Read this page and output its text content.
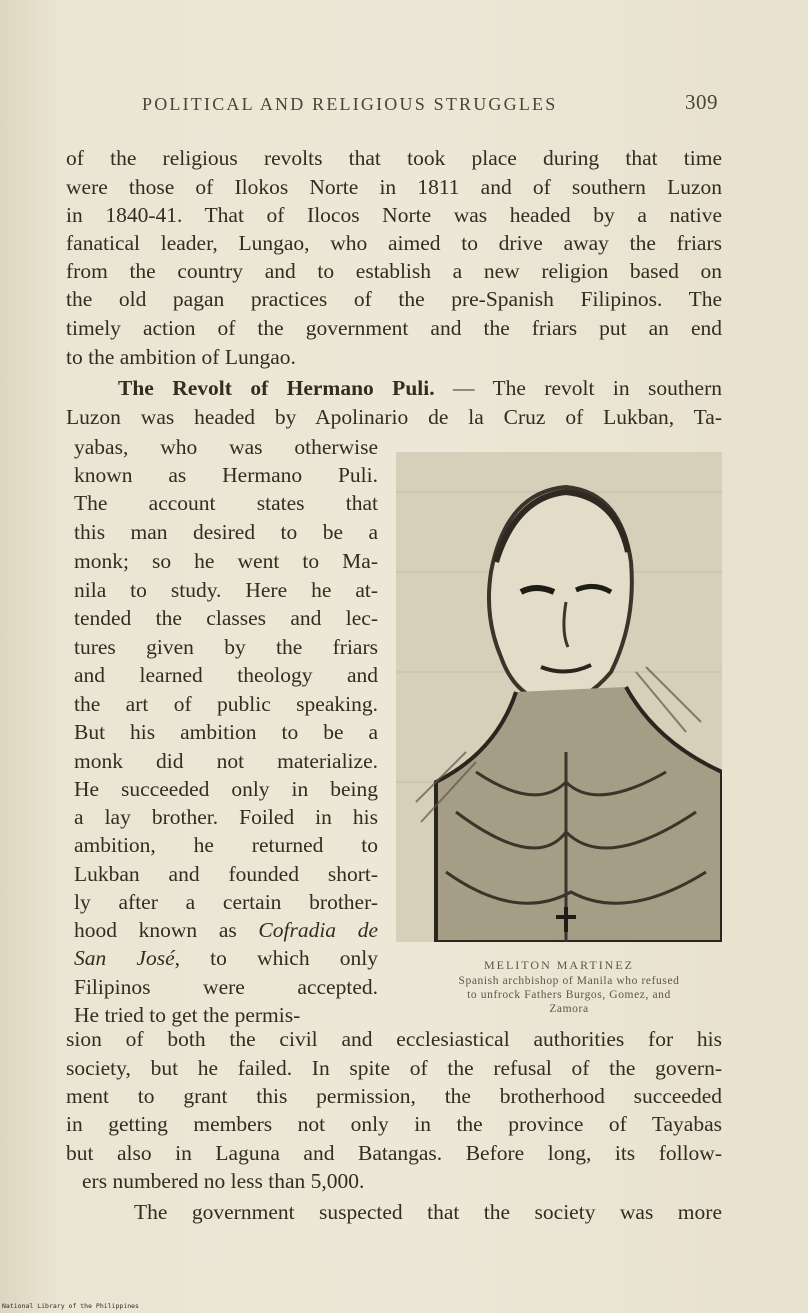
POLITICAL AND RELIGIOUS STRUGGLES	309
of the religious revolts that took place during that time
were those of Ilokos Norte in 1811 and of southern Luzon
in 1840-41. That of Ilocos Norte was headed by a native
fanatical leader, Lungao, who aimed to drive away the friars
from the country and to establish a new religion based on
the old pagan practices of the pre-Spanish Filipinos. The
timely action of the government and the friars put an end
to the ambition of Lungao.
The Revolt of Hermano Puli. — The revolt in southern
Luzon was headed by Apolinario de la Cruz of Lukban, Ta-
yabas, who was otherwise
known as Hermano Puli.
The account states that
this man desired to be a
monk; so he went to Ma-
nila to study. Here he at-
tended the classes and lec-
tures given by the friars
and learned theology and
the art of public speaking.
But his ambition to be a
monk did not materialize.
He succeeded only in being
a lay brother. Foiled in his
ambition, he returned to
Lukban and founded short-
ly after a certain brother-
hood known as Cofradia de
San José, to which only
Filipinos were accepted.
He tried to get the permis-
sion of both the civil and ecclesiastical authorities for his
society, but he failed. In spite of the refusal of the govern-
ment to grant this permission, the brotherhood succeeded
in getting members not only in the province of Tayabas
but also in Laguna and Batangas. Before long, its follow-
ers numbered no less than 5,000.
The government suspected that the society was more
MELITON MARTINEZ
Spanish archbishop of Manila who refused
to unfrock Fathers Burgos, Gomez, and
Zamora
National Library of the Philippines
